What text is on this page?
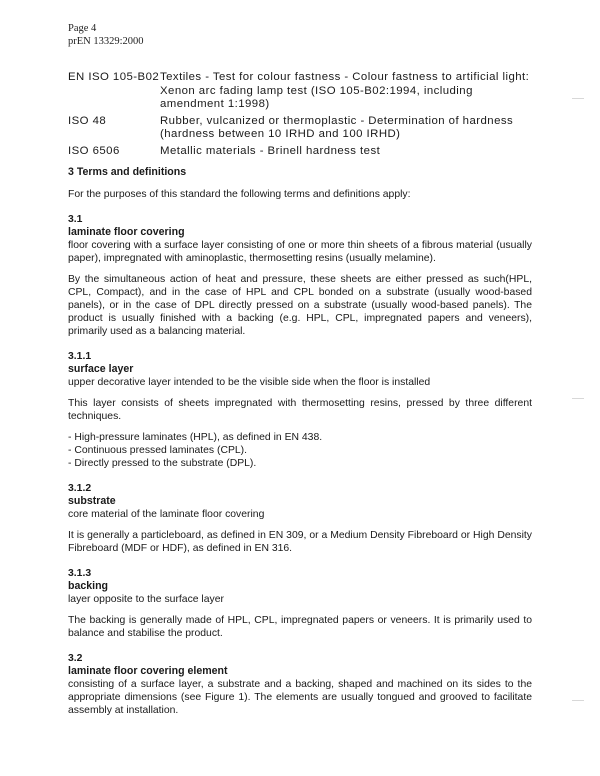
Page 4
prEN 13329:2000
EN ISO 105-B02 Textiles - Test for colour fastness - Colour fastness to artificial light: Xenon arc fading lamp test (ISO 105-B02:1994, including amendment 1:1998)
ISO 48	Rubber, vulcanized or thermoplastic - Determination of hardness (hardness between 10 IRHD and 100 IRHD)
ISO 6506	Metallic materials - Brinell hardness test
3 Terms and definitions

For the purposes of this standard the following terms and definitions apply:

3.1
laminate floor covering

floor covering with a surface layer consisting of one or more thin sheets of a fibrous material (usually paper), impregnated with aminoplastic, thermosetting resins (usually melamine).

By the simultaneous action of heat and pressure, these sheets are either pressed as such(HPL, CPL, Compact), and in the case of HPL and CPL bonded on a substrate (usually wood-based panels), or in the case of DPL directly pressed on a substrate (usually wood-based panels). The product is usually finished with a backing (e.g. HPL, CPL, impregnated papers and veneers), primarily used as a balancing material.

3.1.1
surface layer

upper decorative layer intended to be the visible side when the floor is installed

This layer consists of sheets impregnated with thermosetting resins, pressed by three different techniques.

- High-pressure laminates (HPL), as defined in EN 438.
- Continuous pressed laminates (CPL).
- Directly pressed to the substrate (DPL).
3.1.2
substrate

core material of the laminate floor covering

It is generally a particleboard, as defined in EN 309, or a Medium Density Fibreboard or High Density Fibreboard (MDF or HDF), as defined in EN 316.

3.1.3
backing

layer opposite to the surface layer

The backing is generally made of HPL, CPL, impregnated papers or veneers. It is primarily used to balance and stabilise the product.

3.2
laminate floor covering element

consisting of a surface layer, a substrate and a backing, shaped and machined on its sides to the appropriate dimensions (see Figure 1). The elements are usually tongued and grooved to facilitate assembly at installation.
